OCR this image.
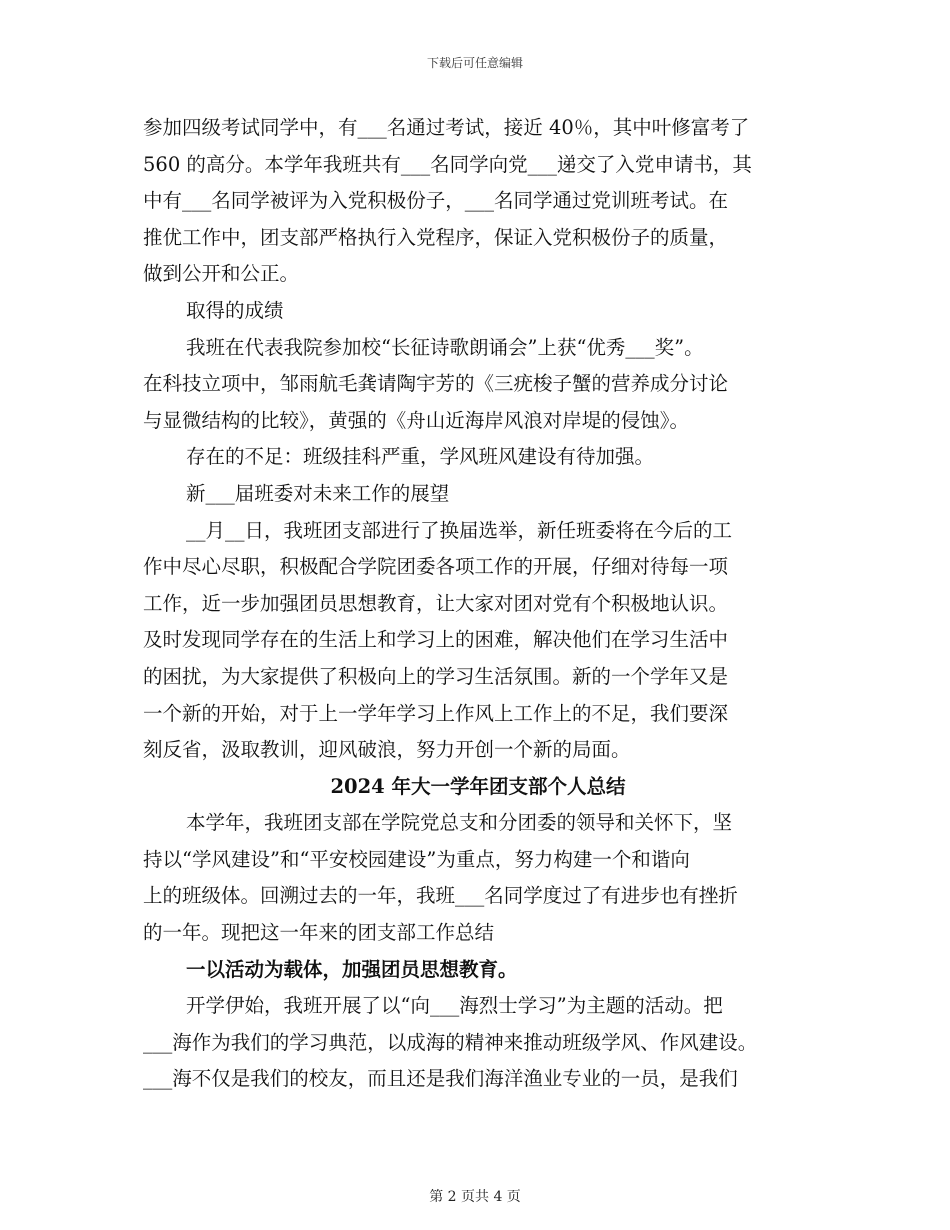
下载后可任意编辑
参加四级考试同学中，有___名通过考试，接近 40％，其中叶修富考了
560 的高分。本学年我班共有___名同学向党___递交了入党申请书，其
中有___名同学被评为入党积极份子，___名同学通过党训班考试。在
推优工作中，团支部严格执行入党程序，保证入党积极份子的质量，
做到公开和公正。
取得的成绩
我班在代表我院参加校“长征诗歌朗诵会”上获“优秀___奖”。
在科技立项中，邹雨航毛龚请陶宇芳的《三疣梭子蟹的营养成分讨论
与显微结构的比较》，黄强的《舟山近海岸风浪对岸堤的侵蚀》。
存在的不足：班级挂科严重，学风班风建设有待加强。
新___届班委对未来工作的展望
__月__日，我班团支部进行了换届选举，新任班委将在今后的工
作中尽心尽职，积极配合学院团委各项工作的开展，仔细对待每一项
工作，近一步加强团员思想教育，让大家对团对党有个积极地认识。
及时发现同学存在的生活上和学习上的困难，解决他们在学习生活中
的困扰，为大家提供了积极向上的学习生活氛围。新的一个学年又是
一个新的开始，对于上一学年学习上作风上工作上的不足，我们要深
刻反省，汲取教训，迎风破浪，努力开创一个新的局面。
2024 年大一学年团支部个人总结
本学年，我班团支部在学院党总支和分团委的领导和关怀下，坚
持以“学风建设”和“平安校园建设”为重点，努力构建一个和谐向
上的班级体。回溯过去的一年，我班___名同学度过了有进步也有挫折
的一年。现把这一年来的团支部工作总结
一以活动为载体，加强团员思想教育。
开学伊始，我班开展了以“向___海烈士学习”为主题的活动。把
___海作为我们的学习典范，以成海的精神来推动班级学风、作风建设。
___海不仅是我们的校友，而且还是我们海洋渔业专业的一员，是我们
第 2 页共 4 页
